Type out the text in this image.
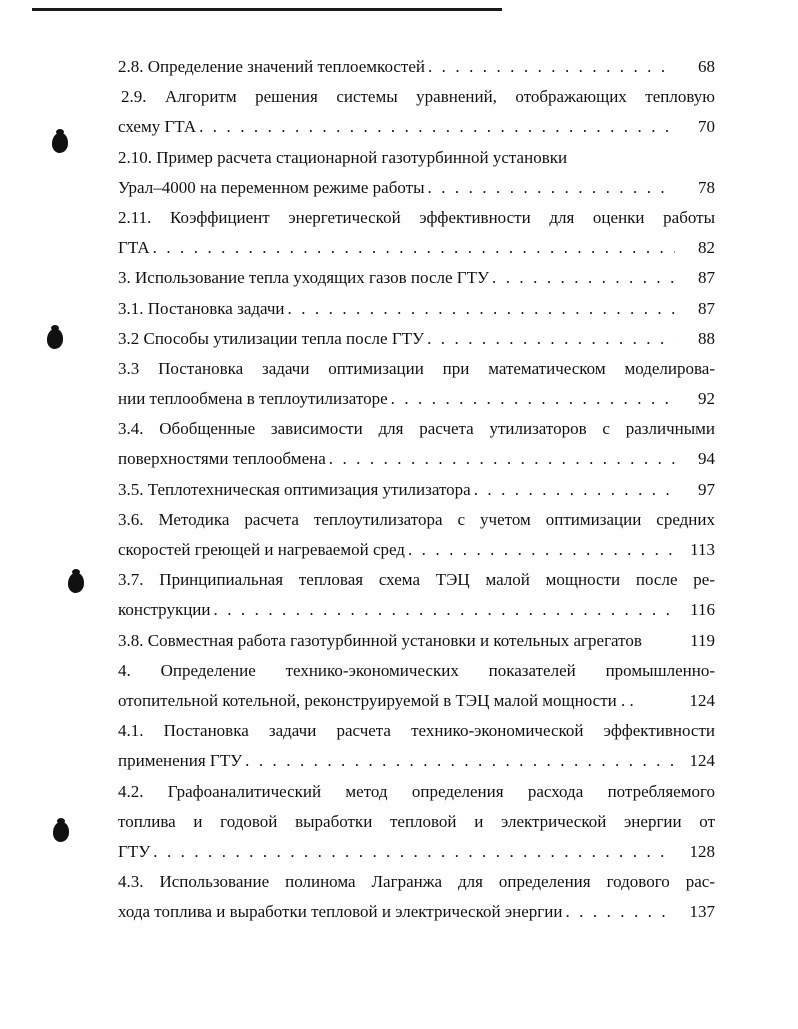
2.8. Определение значений теплоемкостей . . .	68
2.9. Алгоритм решения системы уравнений, отображающих тепловую
схему ГТА . . .	70
2.10. Пример расчета стационарной газотурбинной установки
Урал–4000 на переменном режиме работы . . .	78
2.11. Коэффициент энергетической эффективности для оценки работы
ГТА . . .	82
3. Использование тепла уходящих газов после ГТУ . . .	87
3.1. Постановка задачи . . .	87
3.2 Способы утилизации тепла после ГТУ . . .	88
3.3 Постановка задачи оптимизации при математическом моделирова-
нии теплообмена в теплоутилизаторе . . .	92
3.4. Обобщенные зависимости для расчета утилизаторов с различными
поверхностями теплообмена . . .	94
3.5. Теплотехническая оптимизация утилизатора . . .	97
3.6. Методика расчета теплоутилизатора с учетом оптимизации средних
скоростей греющей и нагреваемой сред . . .	113
3.7. Принципиальная тепловая схема ТЭЦ малой мощности после ре-
конструкции . . .	116
3.8. Совместная работа газотурбинной установки и котельных агрегатов	119
4. Определение технико-экономических показателей промышленно-
отопительной котельной, реконструируемой в ТЭЦ малой мощности . .	124
4.1. Постановка задачи расчета технико-экономической эффективности
применения ГТУ . . .	124
4.2. Графоаналитический метод определения расхода потребляемого
топлива и годовой выработки тепловой и электрической энергии от
ГТУ . . .	128
4.3. Использование полинома Лагранжа для определения годового рас-
хода топлива и выработки тепловой и электрической энергии . . .	137
